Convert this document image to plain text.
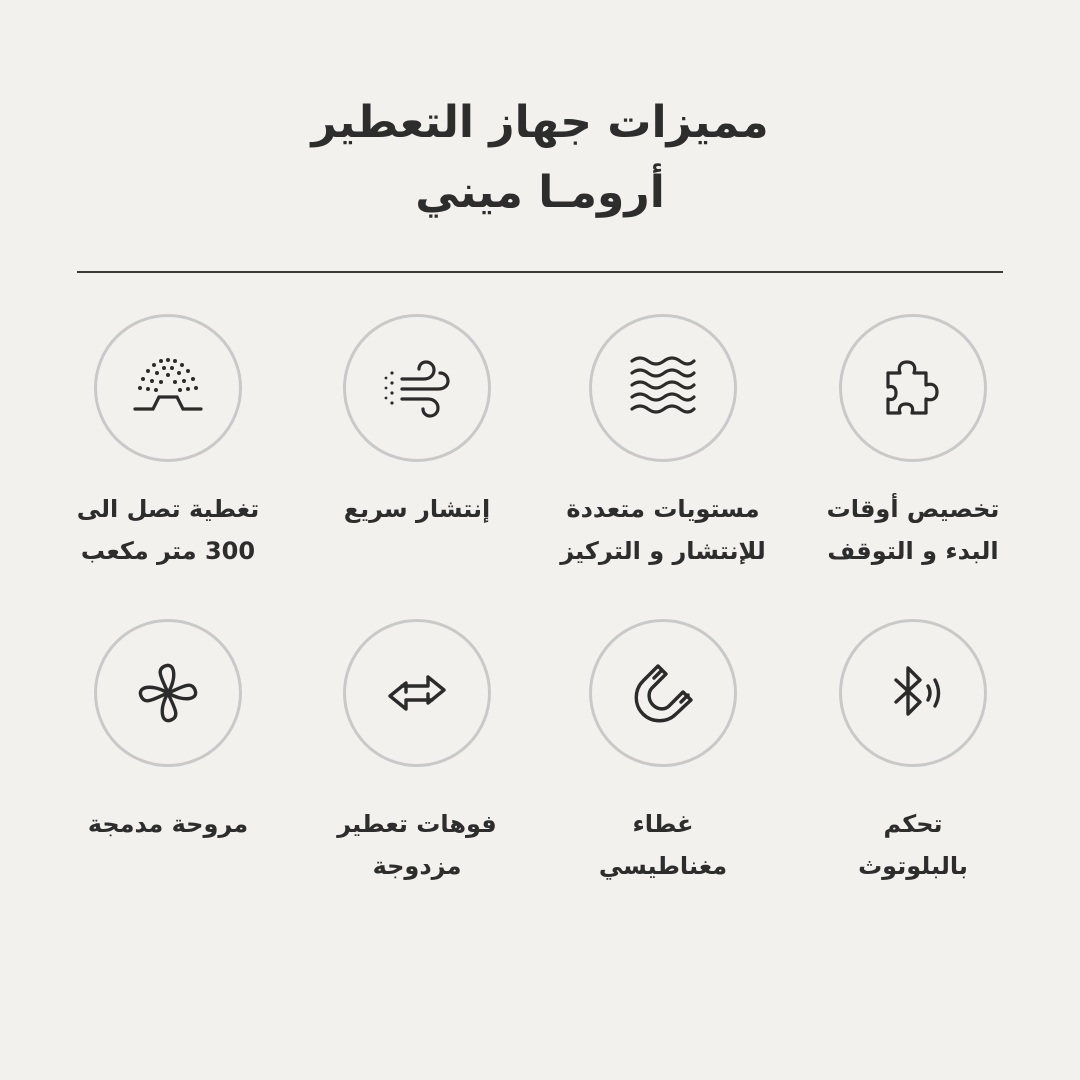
مميزات جهاز التعطير
أرومـا ميني
تخصيص أوقات
البدء و التوقف
مستويات متعددة
للإنتشار و التركيز
إنتشار سريع
تغطية تصل الى
300 متر مكعب
تحكم
بالبلوتوث
غطاء
مغناطيسي
فوهات تعطير
مزدوجة
مروحة مدمجة
